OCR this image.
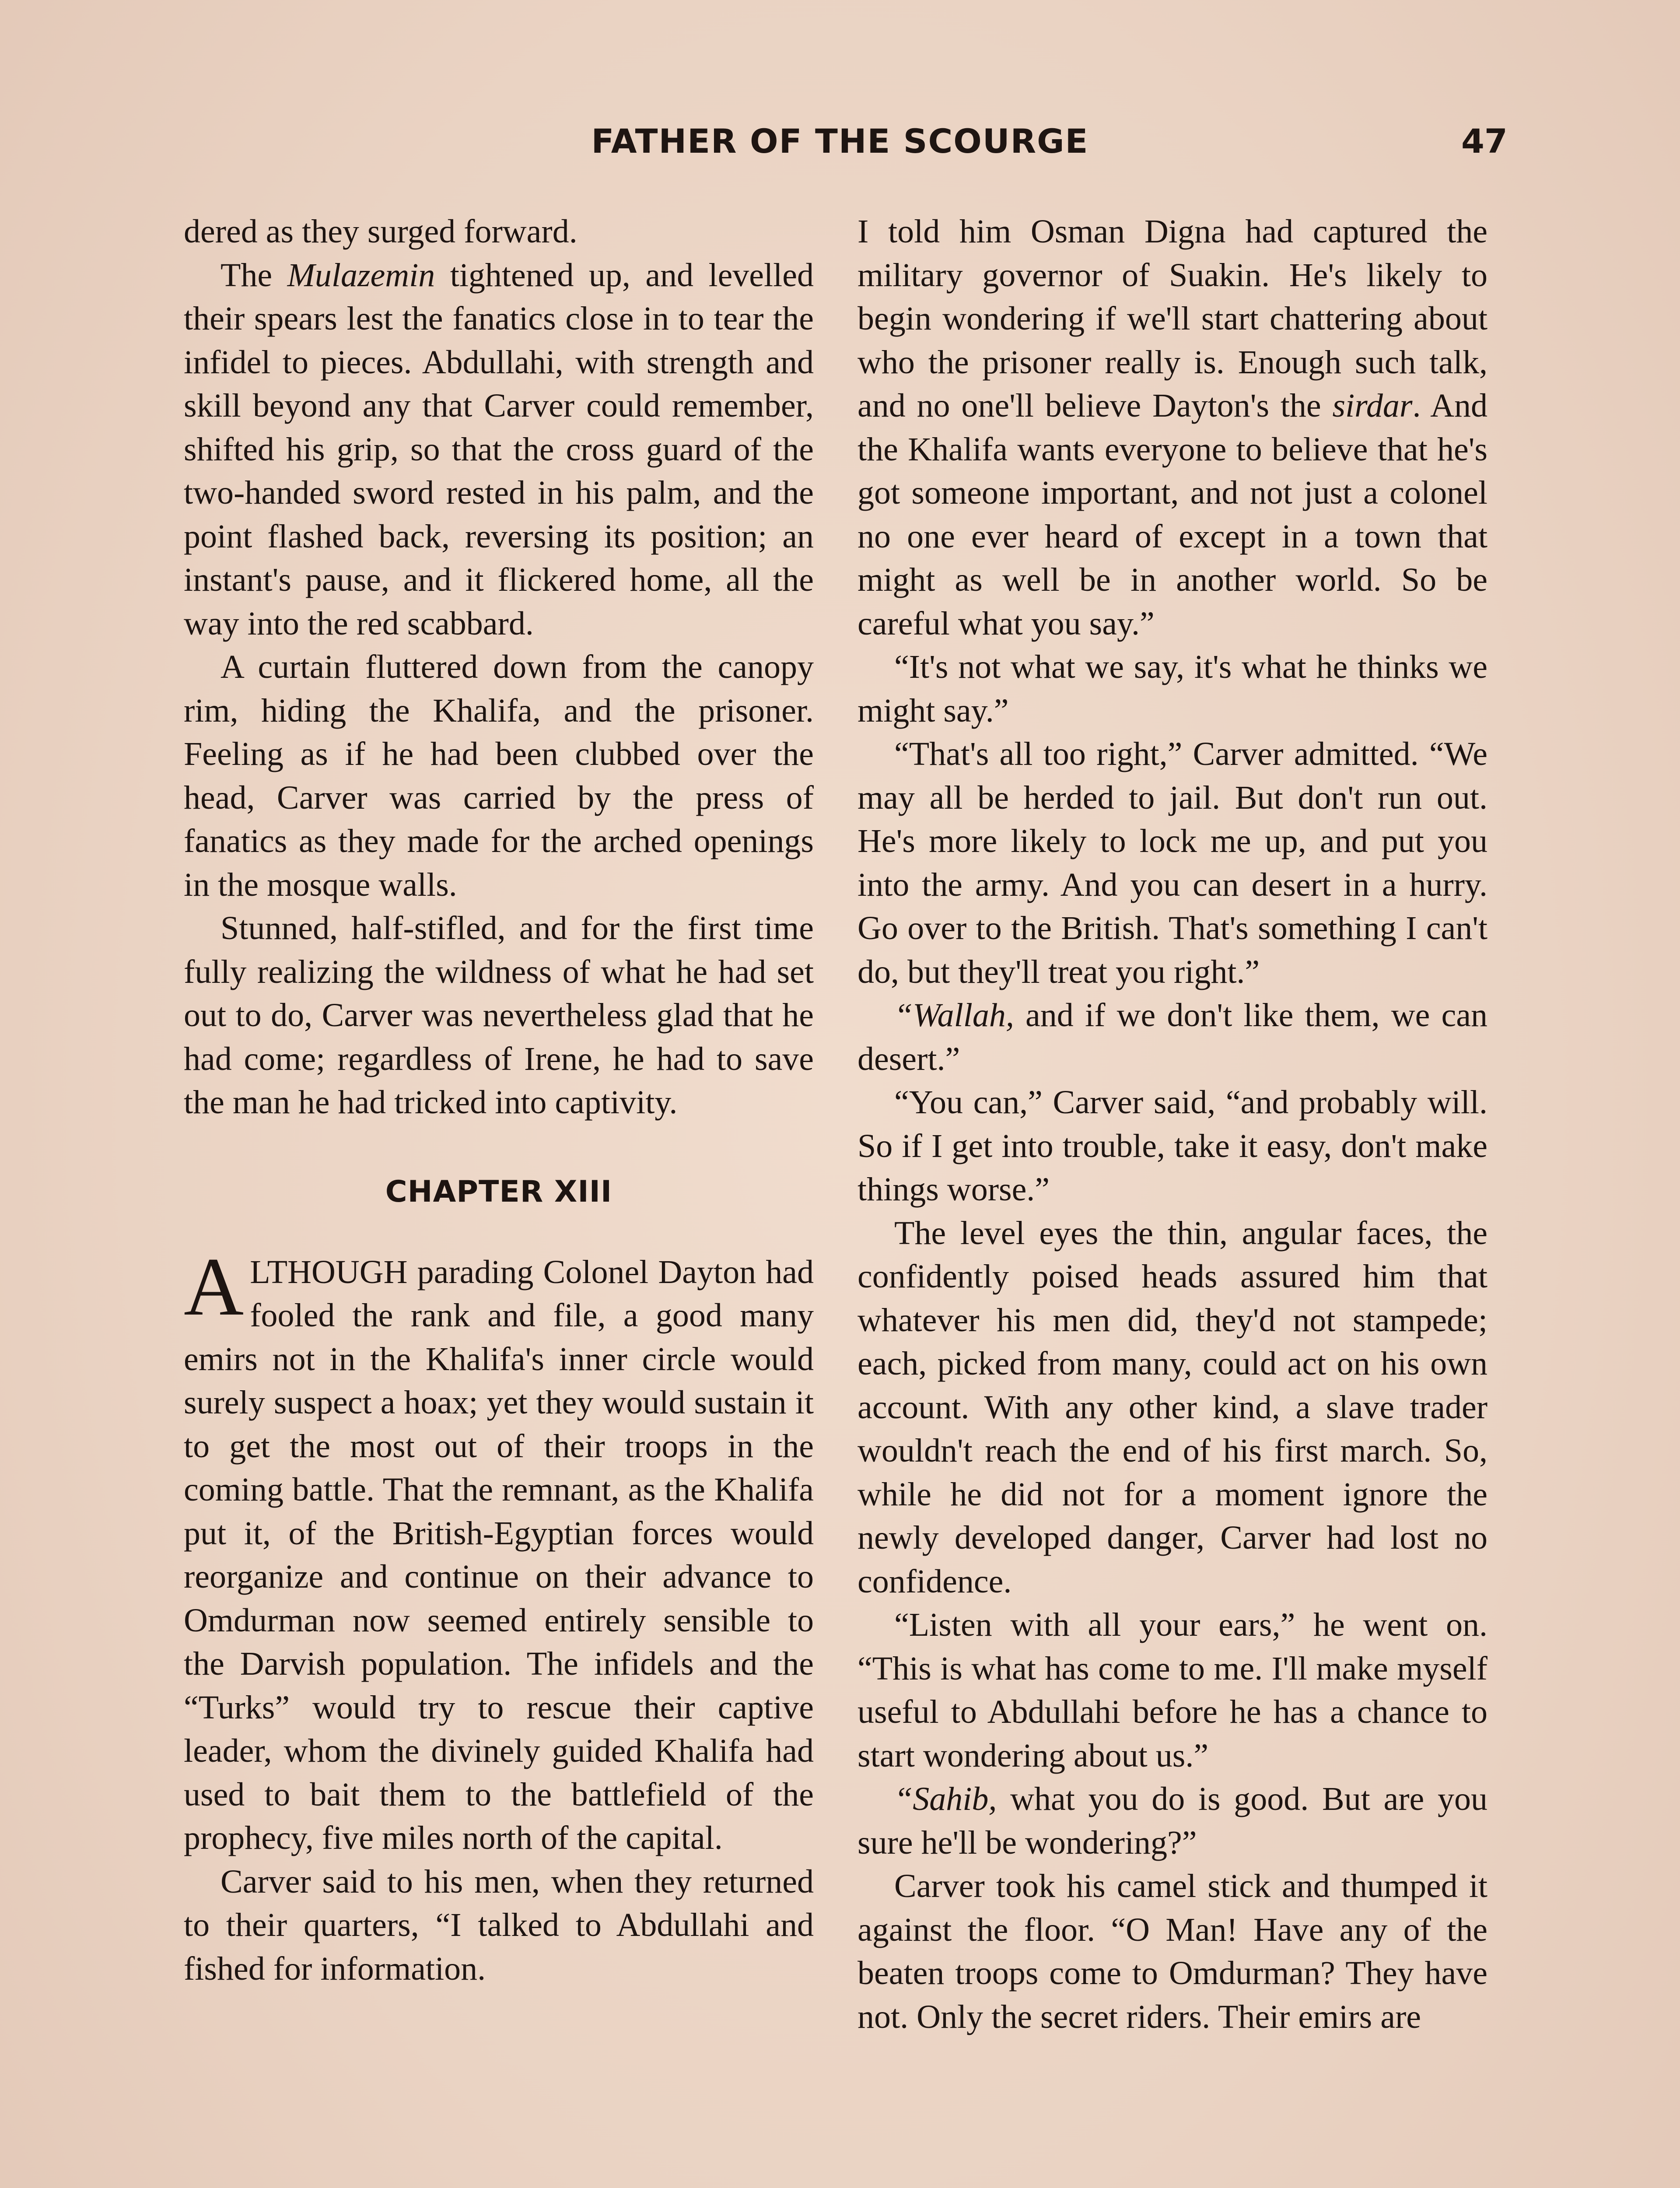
FATHER OF THE SCOURGE	47

dered as they surged forward.

The Mulazemin tightened up, and levelled their spears lest the fanatics close in to tear the infidel to pieces. Abdullahi, with strength and skill beyond any that Carver could remember, shifted his grip, so that the cross guard of the two-handed sword rested in his palm, and the point flashed back, reversing its position; an instant's pause, and it flickered home, all the way into the red scabbard.

A curtain fluttered down from the canopy rim, hiding the Khalifa, and the prisoner. Feeling as if he had been clubbed over the head, Carver was carried by the press of fanatics as they made for the arched openings in the mosque walls.

Stunned, half-stifled, and for the first time fully realizing the wildness of what he had set out to do, Carver was nevertheless glad that he had come; regardless of Irene, he had to save the man he had tricked into captivity.

CHAPTER XIII

ALTHOUGH parading Colonel Dayton had fooled the rank and file, a good many emirs not in the Khalifa's inner circle would surely suspect a hoax; yet they would sustain it to get the most out of their troops in the coming battle. That the remnant, as the Khalifa put it, of the British-Egyptian forces would reorganize and continue on their advance to Omdurman now seemed entirely sensible to the Darvish population. The infidels and the “Turks” would try to rescue their captive leader, whom the divinely guided Khalifa had used to bait them to the battlefield of the prophecy, five miles north of the capital.

Carver said to his men, when they returned to their quarters, “I talked to Abdullahi and fished for information.

I told him Osman Digna had captured the military governor of Suakin. He's likely to begin wondering if we'll start chattering about who the prisoner really is. Enough such talk, and no one'll believe Dayton's the sirdar. And the Khalifa wants everyone to believe that he's got someone important, and not just a colonel no one ever heard of except in a town that might as well be in another world. So be careful what you say.”

“It's not what we say, it's what he thinks we might say.”

“That's all too right,” Carver admitted. “We may all be herded to jail. But don't run out. He's more likely to lock me up, and put you into the army. And you can desert in a hurry. Go over to the British. That's something I can't do, but they'll treat you right.”

“Wallah, and if we don't like them, we can desert.”

“You can,” Carver said, “and probably will. So if I get into trouble, take it easy, don't make things worse.”

The level eyes the thin, angular faces, the confidently poised heads assured him that whatever his men did, they'd not stampede; each, picked from many, could act on his own account. With any other kind, a slave trader wouldn't reach the end of his first march. So, while he did not for a moment ignore the newly developed danger, Carver had lost no confidence.

“Listen with all your ears,” he went on. “This is what has come to me. I'll make myself useful to Abdullahi before he has a chance to start wondering about us.”

“Sahib, what you do is good. But are you sure he'll be wondering?”

Carver took his camel stick and thumped it against the floor. “O Man! Have any of the beaten troops come to Omdurman? They have not. Only the secret riders. Their emirs are
